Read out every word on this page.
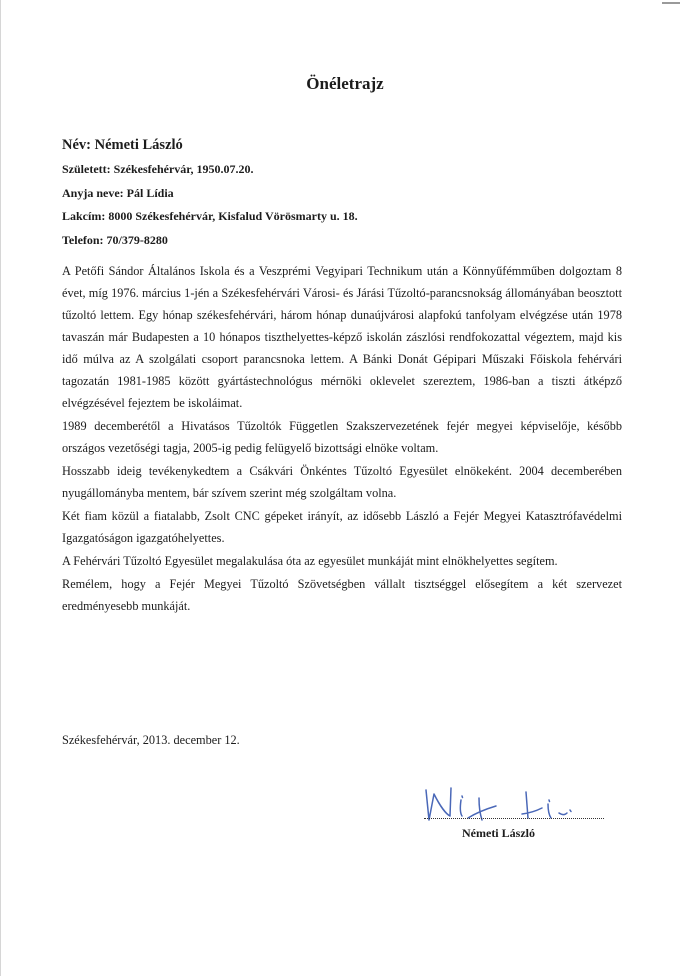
Önéletrajz
Név: Németi László
Született: Székesfehérvár, 1950.07.20.
Anyja neve: Pál Lídia
Lakcím: 8000 Székesfehérvár, Kisfalud Vörösmarty u. 18.
Telefon: 70/379-8280

A Petőfi Sándor Általános Iskola és a Veszprémi Vegyipari Technikum után a Könnyűfémműben dolgoztam 8 évet, míg 1976. március 1-jén a Székesfehérvári Városi- és Járási Tűzoltó-parancsnokság állományában beosztott tűzoltó lettem. Egy hónap székesfehérvári, három hónap dunaújvárosi alapfokú tanfolyam elvégzése után 1978 tavaszán már Budapesten a 10 hónapos tiszthelyettes-képző iskolán zászlósi rendfokozattal végeztem, majd kis idő múlva az A szolgálati csoport parancsnoka lettem. A Bánki Donát Gépipari Műszaki Főiskola fehérvári tagozatán 1981-1985 között gyártástechnológus mérnöki oklevelet szereztem, 1986-ban a tiszti átképző elvégzésével fejeztem be iskoláimat.

1989 decemberétől a Hivatásos Tűzoltók Független Szakszervezetének fejér megyei képviselője, később országos vezetőségi tagja, 2005-ig pedig felügyelő bizottsági elnöke voltam.

Hosszabb ideig tevékenykedtem a Csákvári Önkéntes Tűzoltó Egyesület elnökeként. 2004 decemberében nyugállományba mentem, bár szívem szerint még szolgáltam volna.

Két fiam közül a fiatalabb, Zsolt CNC gépeket irányít, az idősebb László a Fejér Megyei Katasztrófavédelmi Igazgatóságon igazgatóhelyettes.

A Fehérvári Tűzoltó Egyesület megalakulása óta az egyesület munkáját mint elnökhelyettes segítem.

Remélem, hogy a Fejér Megyei Tűzoltó Szövetségben vállalt tisztséggel elősegítem a két szervezet eredményesebb munkáját.

Székesfehérvár, 2013. december 12.
Németi László
